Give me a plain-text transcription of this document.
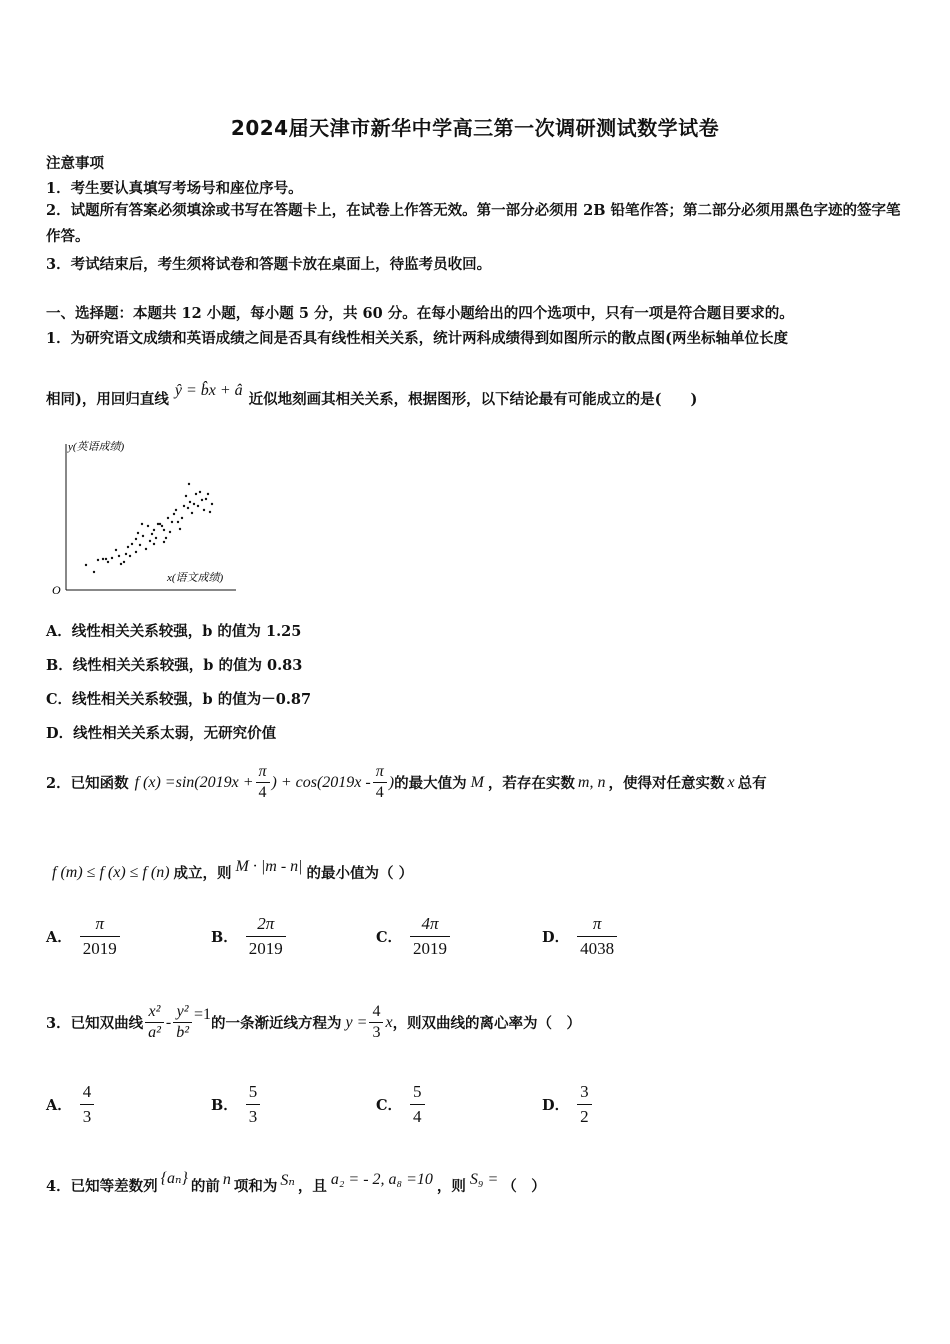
2024届天津市新华中学高三第一次调研测试数学试卷
注意事项
1．考生要认真填写考场号和座位序号。
2．试题所有答案必须填涂或书写在答题卡上，在试卷上作答无效。第一部分必须用 2B 铅笔作答；第二部分必须用黑色字迹的签字笔作答。
3．考试结束后，考生须将试卷和答题卡放在桌面上，待监考员收回。
一、选择题：本题共 12 小题，每小题 5 分，共 60 分。在每小题给出的四个选项中，只有一项是符合题目要求的。
1．为研究语文成绩和英语成绩之间是否具有线性相关关系，统计两科成绩得到如图所示的散点图(两坐标轴单位长度
相同)，用回归直线
ŷ = b̂x + â
近似地刻画其相关关系，根据图形，以下结论最有可能成立的是(　　)
y(英语成绩)
x(语文成绩)
O
A．线性相关关系较强，b 的值为 1.25
B．线性相关关系较强，b 的值为 0.83
C．线性相关关系较强，b 的值为－0.87
D．线性相关关系太弱，无研究价值
2．已知函数 f $(x) =\sin(2019x + \frac{\pi}{4}$ ) + $\cos(2019x - \frac{\pi}{4}$ ) 的最大值为 M ，若存在实数 m, n ，使得对任意实数 x 总有
f (m) ≤ f (x) ≤ f (n) 成立，则 M · |m - n| 的最小值为（ ）
A． $\frac{\pi}{2019}$	B． $\frac{2\pi}{2019}$	C． $\frac{4\pi}{2019}$	D． $\frac{\pi}{4038}$
3．已知双曲线 $\frac{\text{x²}}{\text{a²}} - \frac{\text{y²}}{\text{b²}} =1$
的一条渐近线方程为 $y = \frac{4}{3}$ x ，则双曲线的离心率为（　）
A． $\frac{4}{3}$	B． $\frac{5}{3}$	C． $\frac{5}{4}$	D． $\frac{3}{2}$
4．已知等差数列 {aₙ} 的前 n 项和为 Sₙ ，且 a₂ = - 2, a₈ =10 ，则 S₉ = （　）
